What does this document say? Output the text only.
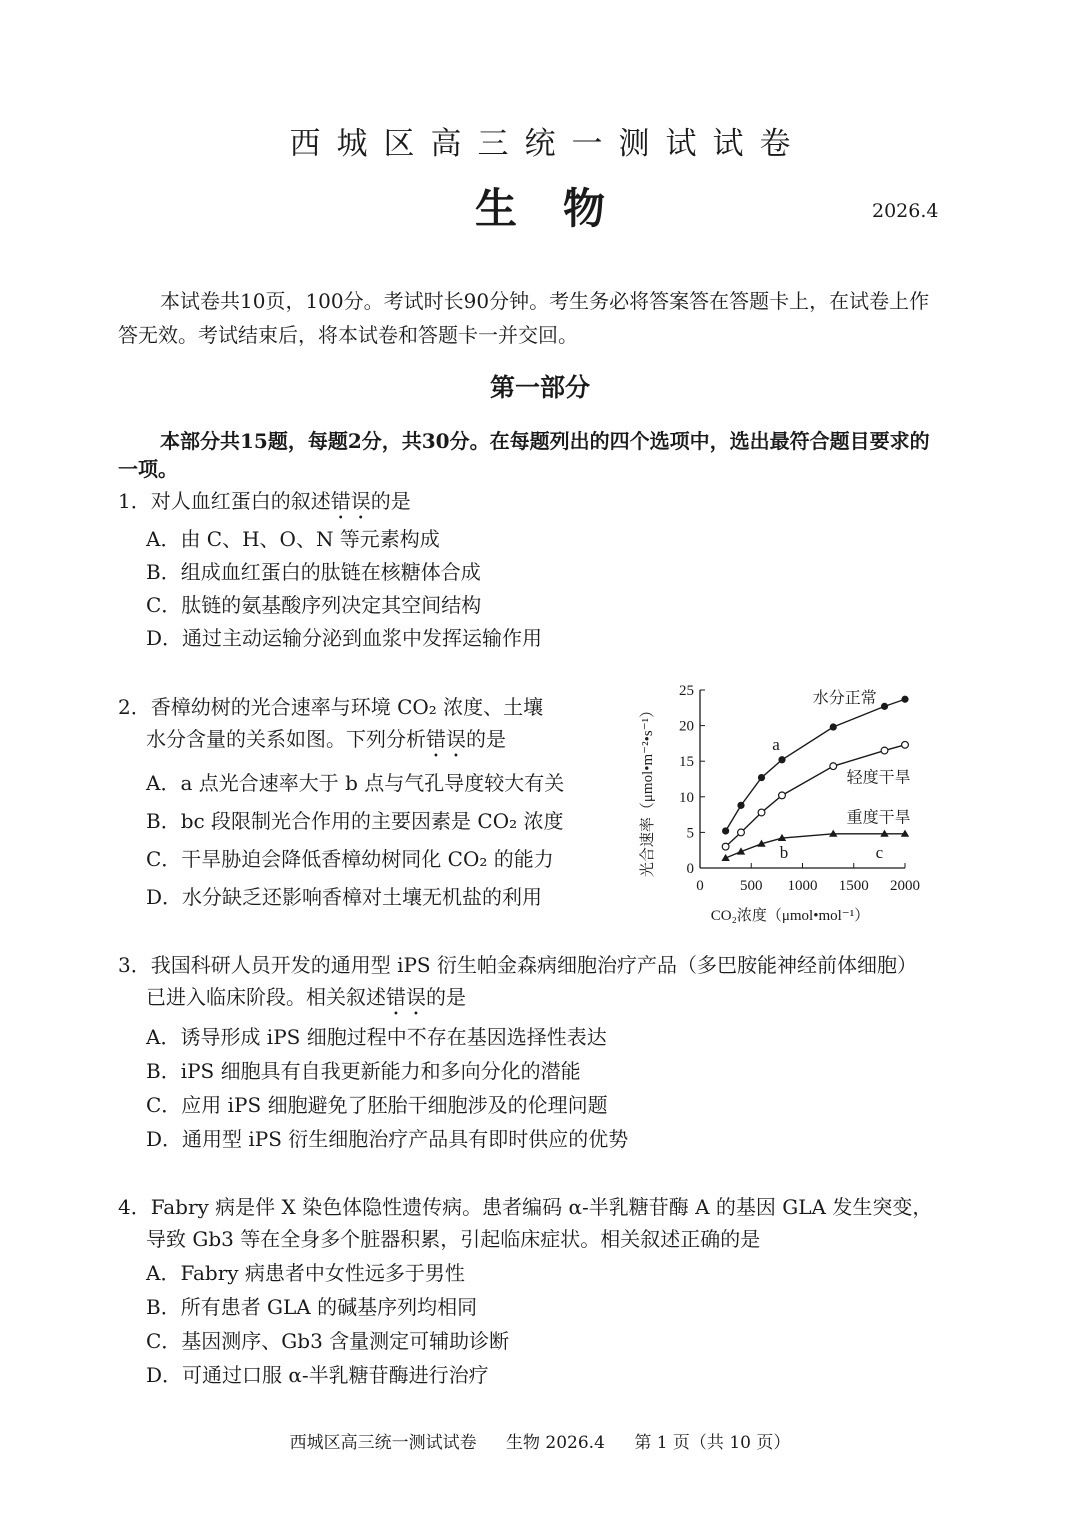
西城区高三统一测试试卷
生物	2026.4
本试卷共10页，100分。考试时长90分钟。考生务必将答案答在答题卡上，在试卷上作
答无效。考试结束后，将本试卷和答题卡一并交回。
第一部分
本部分共15题，每题2分，共30分。在每题列出的四个选项中，选出最符合题目要求的
一项。
1．对人血红蛋白的叙述错误的是
A．由 C、H、O、N 等元素构成
B．组成血红蛋白的肽链在核糖体合成
C．肽链的氨基酸序列决定其空间结构
D．通过主动运输分泌到血浆中发挥运输作用
2．香樟幼树的光合速率与环境 CO₂ 浓度、土壤
水分含量的关系如图。下列分析错误的是
A．a 点光合速率大于 b 点与气孔导度较大有关
B．bc 段限制光合作用的主要因素是 CO₂ 浓度
C．干旱胁迫会降低香樟幼树同化 CO₂ 的能力
D．水分缺乏还影响香樟对土壤无机盐的利用
0
5
10
15
20
25
0 500 1000 1500 2000
水分正常
轻度干旱
重度干旱
a
b	c
光合速率（μmol•m⁻²•s⁻¹）
CO₂浓度（μmol•mol⁻¹）
3．我国科研人员开发的通用型 iPS 衍生帕金森病细胞治疗产品（多巴胺能神经前体细胞）
已进入临床阶段。相关叙述错误的是
A．诱导形成 iPS 细胞过程中不存在基因选择性表达
B．iPS 细胞具有自我更新能力和多向分化的潜能
C．应用 iPS 细胞避免了胚胎干细胞涉及的伦理问题
D．通用型 iPS 衍生细胞治疗产品具有即时供应的优势
4．Fabry 病是伴 X 染色体隐性遗传病。患者编码 α-半乳糖苷酶 A 的基因 GLA 发生突变，
导致 Gb3 等在全身多个脏器积累，引起临床症状。相关叙述正确的是
A．Fabry 病患者中女性远多于男性
B．所有患者 GLA 的碱基序列均相同
C．基因测序、Gb3 含量测定可辅助诊断
D．可通过口服 α-半乳糖苷酶进行治疗
西城区高三统一测试试卷 生物 2026.4 第 1 页（共 10 页）
